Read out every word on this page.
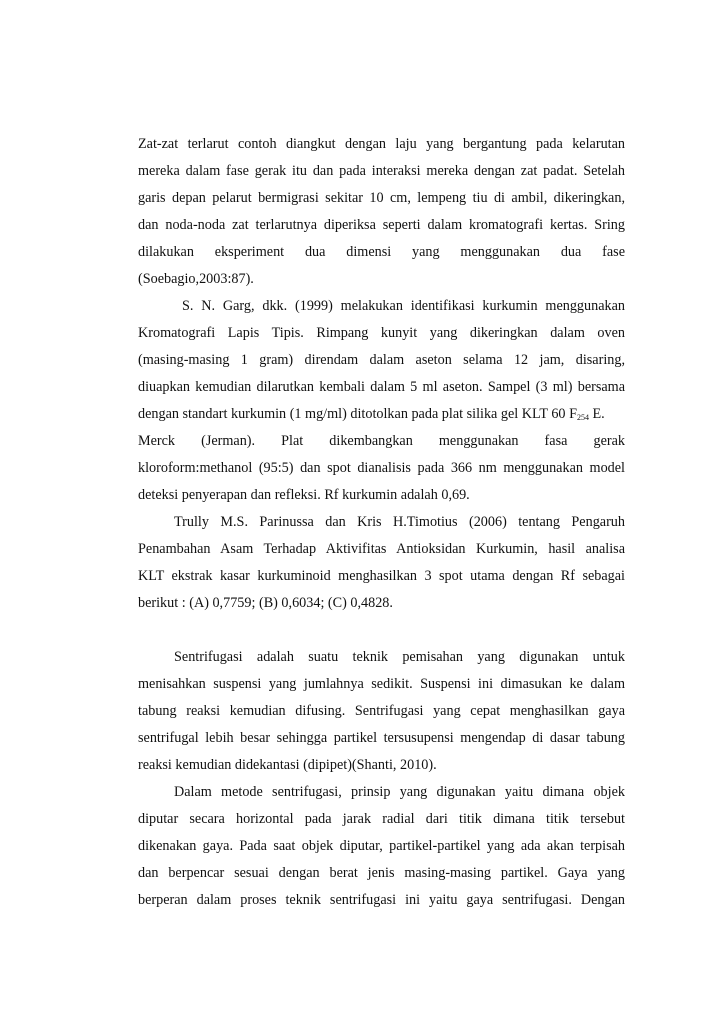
Zat-zat terlarut contoh diangkut dengan laju yang bergantung pada kelarutan
mereka dalam fase gerak itu dan pada interaksi mereka dengan zat padat. Setelah
garis depan pelarut bermigrasi sekitar 10 cm, lempeng tiu di ambil, dikeringkan,
dan noda-noda zat terlarutnya diperiksa seperti dalam kromatografi kertas. Sring
dilakukan eksperiment dua dimensi yang menggunakan dua fase
(Soebagio,2003:87).
S. N. Garg, dkk. (1999) melakukan identifikasi kurkumin menggunakan
Kromatografi Lapis Tipis. Rimpang kunyit yang dikeringkan dalam oven
(masing-masing 1 gram) direndam dalam aseton selama 12 jam, disaring,
diuapkan kemudian dilarutkan kembali dalam 5 ml aseton. Sampel (3 ml) bersama
dengan standart kurkumin (1 mg/ml) ditotolkan pada plat silika gel KLT 60 $F_{254}$ E.
Merck (Jerman). Plat dikembangkan menggunakan fasa gerak
kloroform:methanol (95:5) dan spot dianalisis pada 366 nm menggunakan model
deteksi penyerapan dan refleksi. Rf kurkumin adalah 0,69.
Trully M.S. Parinussa dan Kris H.Timotius (2006) tentang Pengaruh
Penambahan Asam Terhadap Aktivifitas Antioksidan Kurkumin, hasil analisa
KLT ekstrak kasar kurkuminoid menghasilkan 3 spot utama dengan Rf sebagai
berikut : (A) 0,7759; (B) 0,6034; (C) 0,4828.
Sentrifugasi adalah suatu teknik pemisahan yang digunakan untuk
menisahkan suspensi yang jumlahnya sedikit. Suspensi ini dimasukan ke dalam
tabung reaksi kemudian difusing. Sentrifugasi yang cepat menghasilkan gaya
sentrifugal lebih besar sehingga partikel tersusupensi mengendap di dasar tabung
reaksi kemudian didekantasi (dipipet)(Shanti, 2010).
Dalam metode sentrifugasi, prinsip yang digunakan yaitu dimana objek
diputar secara horizontal pada jarak radial dari titik dimana titik tersebut
dikenakan gaya. Pada saat objek diputar, partikel-partikel yang ada akan terpisah
dan berpencar sesuai dengan berat jenis masing-masing partikel. Gaya yang
berperan dalam proses teknik sentrifugasi ini yaitu gaya sentrifugasi. Dengan
